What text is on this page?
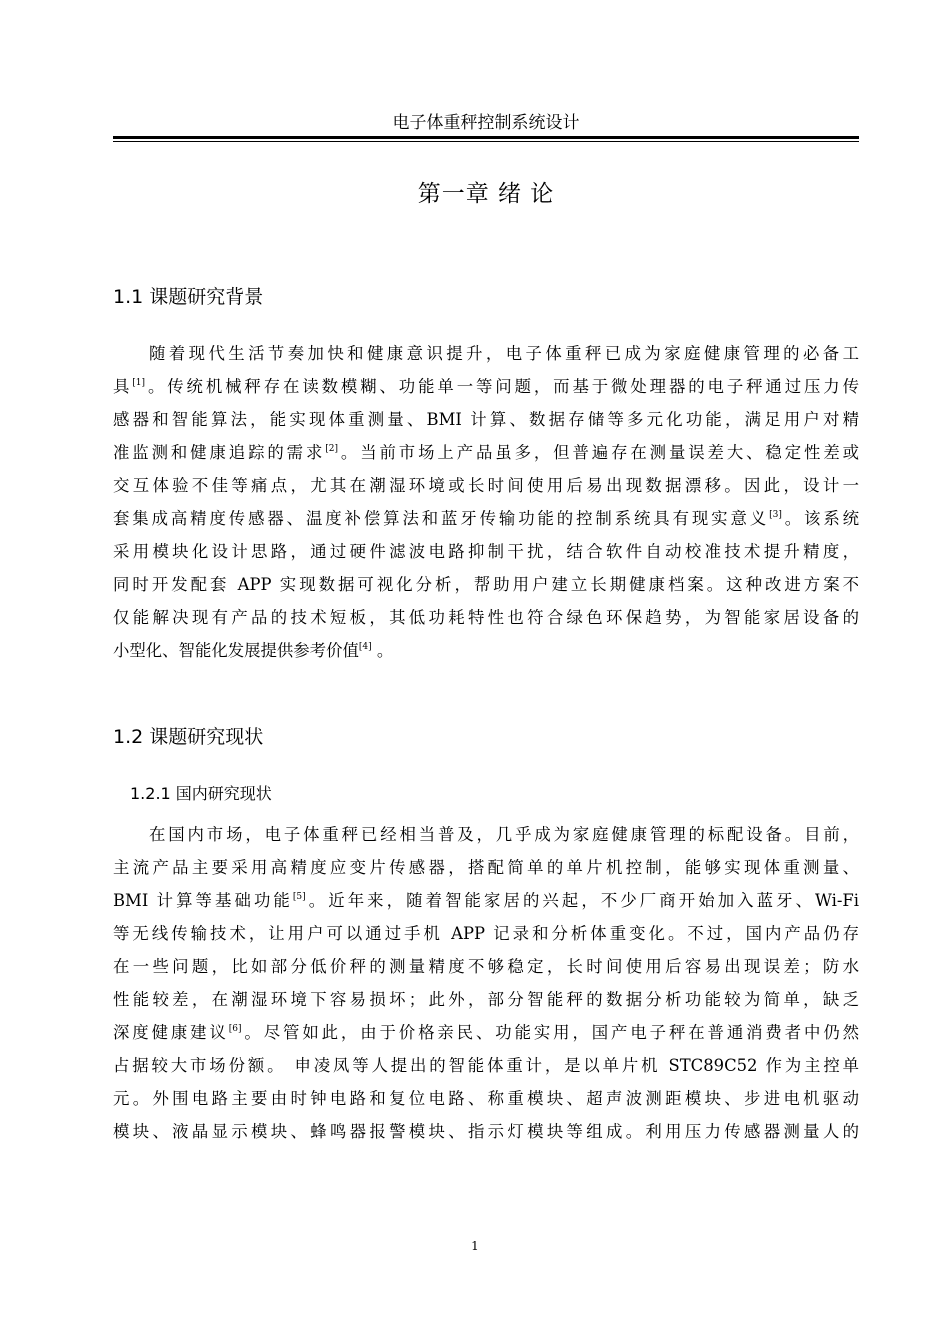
电子体重秤控制系统设计
第一章 绪 论
1.1 课题研究背景
随着现代生活节奏加快和健康意识提升，电子体重秤已成为家庭健康管理的必备工
具[1]。传统机械秤存在读数模糊、功能单一等问题，而基于微处理器的电子秤通过压力传
感器和智能算法，能实现体重测量、BMI 计算、数据存储等多元化功能，满足用户对精
准监测和健康追踪的需求[2]。当前市场上产品虽多，但普遍存在测量误差大、稳定性差或
交互体验不佳等痛点，尤其在潮湿环境或长时间使用后易出现数据漂移。因此，设计一
套集成高精度传感器、温度补偿算法和蓝牙传输功能的控制系统具有现实意义[3]。该系统
采用模块化设计思路，通过硬件滤波电路抑制干扰，结合软件自动校准技术提升精度，
同时开发配套 APP 实现数据可视化分析，帮助用户建立长期健康档案。这种改进方案不
仅能解决现有产品的技术短板，其低功耗特性也符合绿色环保趋势，为智能家居设备的
小型化、智能化发展提供参考价值[4] 。
1.2 课题研究现状
1.2.1 国内研究现状
在国内市场，电子体重秤已经相当普及，几乎成为家庭健康管理的标配设备。目前，
主流产品主要采用高精度应变片传感器，搭配简单的单片机控制，能够实现体重测量、
BMI 计算等基础功能[5]。近年来，随着智能家居的兴起，不少厂商开始加入蓝牙、Wi-Fi
等无线传输技术，让用户可以通过手机 APP 记录和分析体重变化。不过，国内产品仍存
在一些问题，比如部分低价秤的测量精度不够稳定，长时间使用后容易出现误差；防水
性能较差，在潮湿环境下容易损坏；此外，部分智能秤的数据分析功能较为简单，缺乏
深度健康建议[6]。尽管如此，由于价格亲民、功能实用，国产电子秤在普通消费者中仍然
占据较大市场份额。 申凌凤等人提出的智能体重计，是以单片机 STC89C52 作为主控单
元。外围电路主要由时钟电路和复位电路、称重模块、超声波测距模块、步进电机驱动
模块、液晶显示模块、蜂鸣器报警模块、指示灯模块等组成。利用压力传感器测量人的
1
